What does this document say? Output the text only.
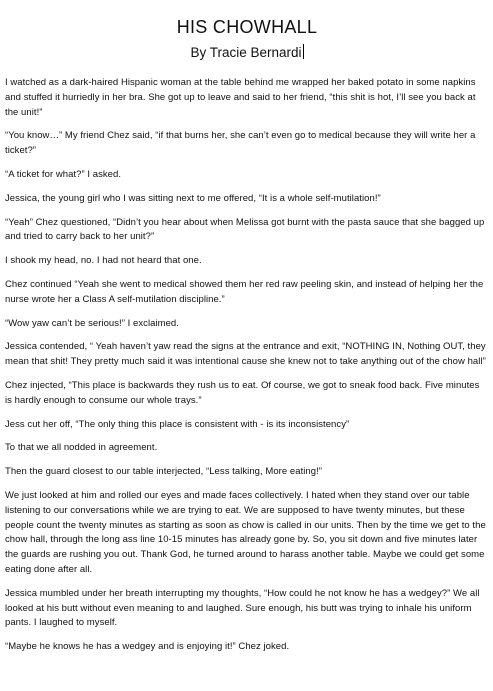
HIS CHOWHALL
By Tracie Bernardi

I watched as a dark-haired Hispanic woman at the table behind me wrapped her baked potato in some napkins and stuffed it hurriedly in her bra. She got up to leave and said to her friend, “this shit is hot, I’ll see you back at the unit!”

“You know…” My friend Chez said, “if that burns her, she can’t even go to medical because they will write her a ticket?”

“A ticket for what?” I asked.

Jessica, the young girl who I was sitting next to me offered, “It is a whole self-mutilation!”

“Yeah” Chez questioned, “Didn’t you hear about when Melissa got burnt with the pasta sauce that she bagged up and tried to carry back to her unit?”

I shook my head, no. I had not heard that one.

Chez continued “Yeah she went to medical showed them her red raw peeling skin, and instead of helping her the nurse wrote her a Class A self-mutilation discipline.”

“Wow yaw can’t be serious!” I exclaimed.

Jessica contended, “ Yeah haven’t yaw read the signs at the entrance and exit, “NOTHING IN, Nothing OUT, they mean that shit! They pretty much said it was intentional cause she knew not to take anything out of the chow hall”

Chez injected, “This place is backwards they rush us to eat. Of course, we got to sneak food back. Five minutes is hardly enough to consume our whole trays.”

Jess cut her off, “The only thing this place is consistent with - is its inconsistency”

To that we all nodded in agreement.

Then the guard closest to our table interjected, “Less talking, More eating!”

We just looked at him and rolled our eyes and made faces collectively. I hated when they stand over our table listening to our conversations while we are trying to eat. We are supposed to have twenty minutes, but these people count the twenty minutes as starting as soon as chow is called in our units. Then by the time we get to the chow hall, through the long ass line 10-15 minutes has already gone by. So, you sit down and five minutes later the guards are rushing you out. Thank God, he turned around to harass another table. Maybe we could get some eating done after all.

Jessica mumbled under her breath interrupting my thoughts, “How could he not know he has a wedgey?” We all looked at his butt without even meaning to and laughed. Sure enough, his butt was trying to inhale his uniform pants. I laughed to myself.

“Maybe he knows he has a wedgey and is enjoying it!” Chez joked.
